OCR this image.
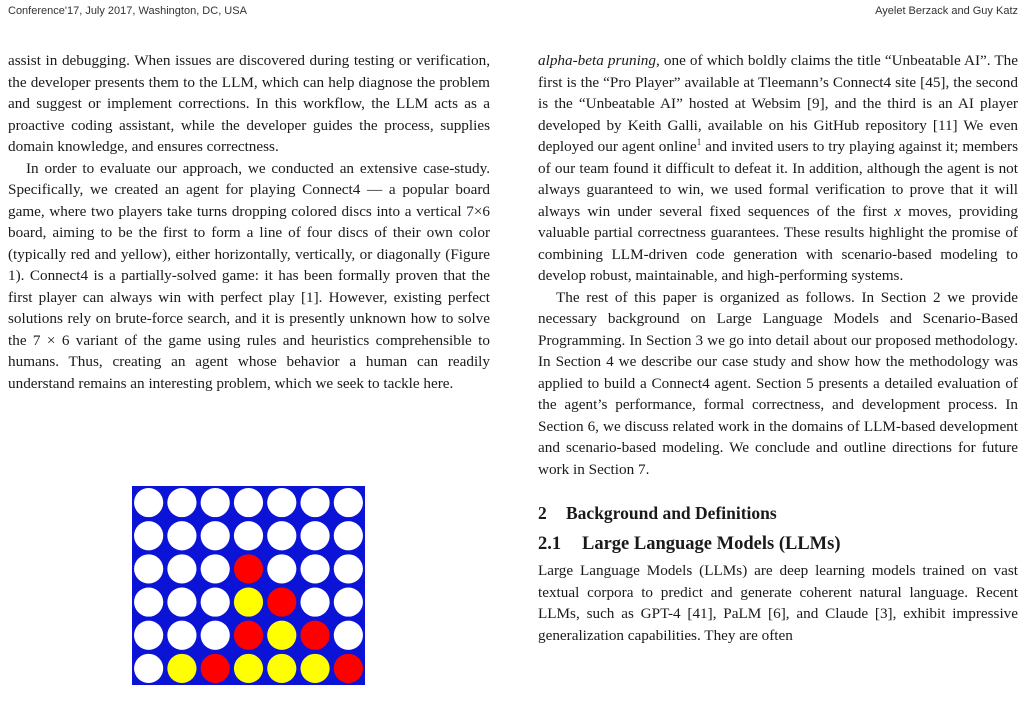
Conference'17, July 2017, Washington, DC, USA	Ayelet Berzack and Guy Katz

assist in debugging. When issues are discovered during testing or verification, the developer presents them to the LLM, which can help diagnose the problem and suggest or implement corrections. In this workflow, the LLM acts as a proactive coding assistant, while the developer guides the process, supplies domain knowledge, and ensures correctness.

In order to evaluate our approach, we conducted an extensive case-study. Specifically, we created an agent for playing Connect4 — a popular board game, where two players take turns dropping colored discs into a vertical 7×6 board, aiming to be the first to form a line of four discs of their own color (typically red and yellow), either horizontally, vertically, or diagonally (Figure 1). Connect4 is a partially-solved game: it has been formally proven that the first player can always win with perfect play [1]. However, existing perfect solutions rely on brute-force search, and it is presently unknown how to solve the 7 × 6 variant of the game using rules and heuristics comprehensible to humans. Thus, creating an agent whose behavior a human can readily understand remains an interesting problem, which we seek to tackle here.

alpha-beta pruning, one of which boldly claims the title “Unbeatable AI”. The first is the “Pro Player” available at Tleemann’s Connect4 site [45], the second is the “Unbeatable AI” hosted at Websim [9], and the third is an AI player developed by Keith Galli, available on his GitHub repository [11] We even deployed our agent online$^1$ and invited users to try playing against it; members of our team found it difficult to defeat it. In addition, although the agent is not always guaranteed to win, we used formal verification to prove that it will always win under several fixed sequences of the first x moves, providing valuable partial correctness guarantees. These results highlight the promise of combining LLM-driven code generation with scenario-based modeling to develop robust, maintainable, and high-performing systems.

The rest of this paper is organized as follows. In Section 2 we provide necessary background on Large Language Models and Scenario-Based Programming. In Section 3 we go into detail about our proposed methodology. In Section 4 we describe our case study and show how the methodology was applied to build a Connect4 agent. Section 5 presents a detailed evaluation of the agent’s performance, formal correctness, and development process. In Section 6, we discuss related work in the domains of LLM-based development and scenario-based modeling. We conclude and outline directions for future work in Section 7.

2 Background and Definitions
2.1 Large Language Models (LLMs)

Large Language Models (LLMs) are deep learning models trained on vast textual corpora to predict and generate coherent natural language. Recent LLMs, such as GPT-4 [41], PaLM [6], and Claude [3], exhibit impressive generalization capabilities. They are often
